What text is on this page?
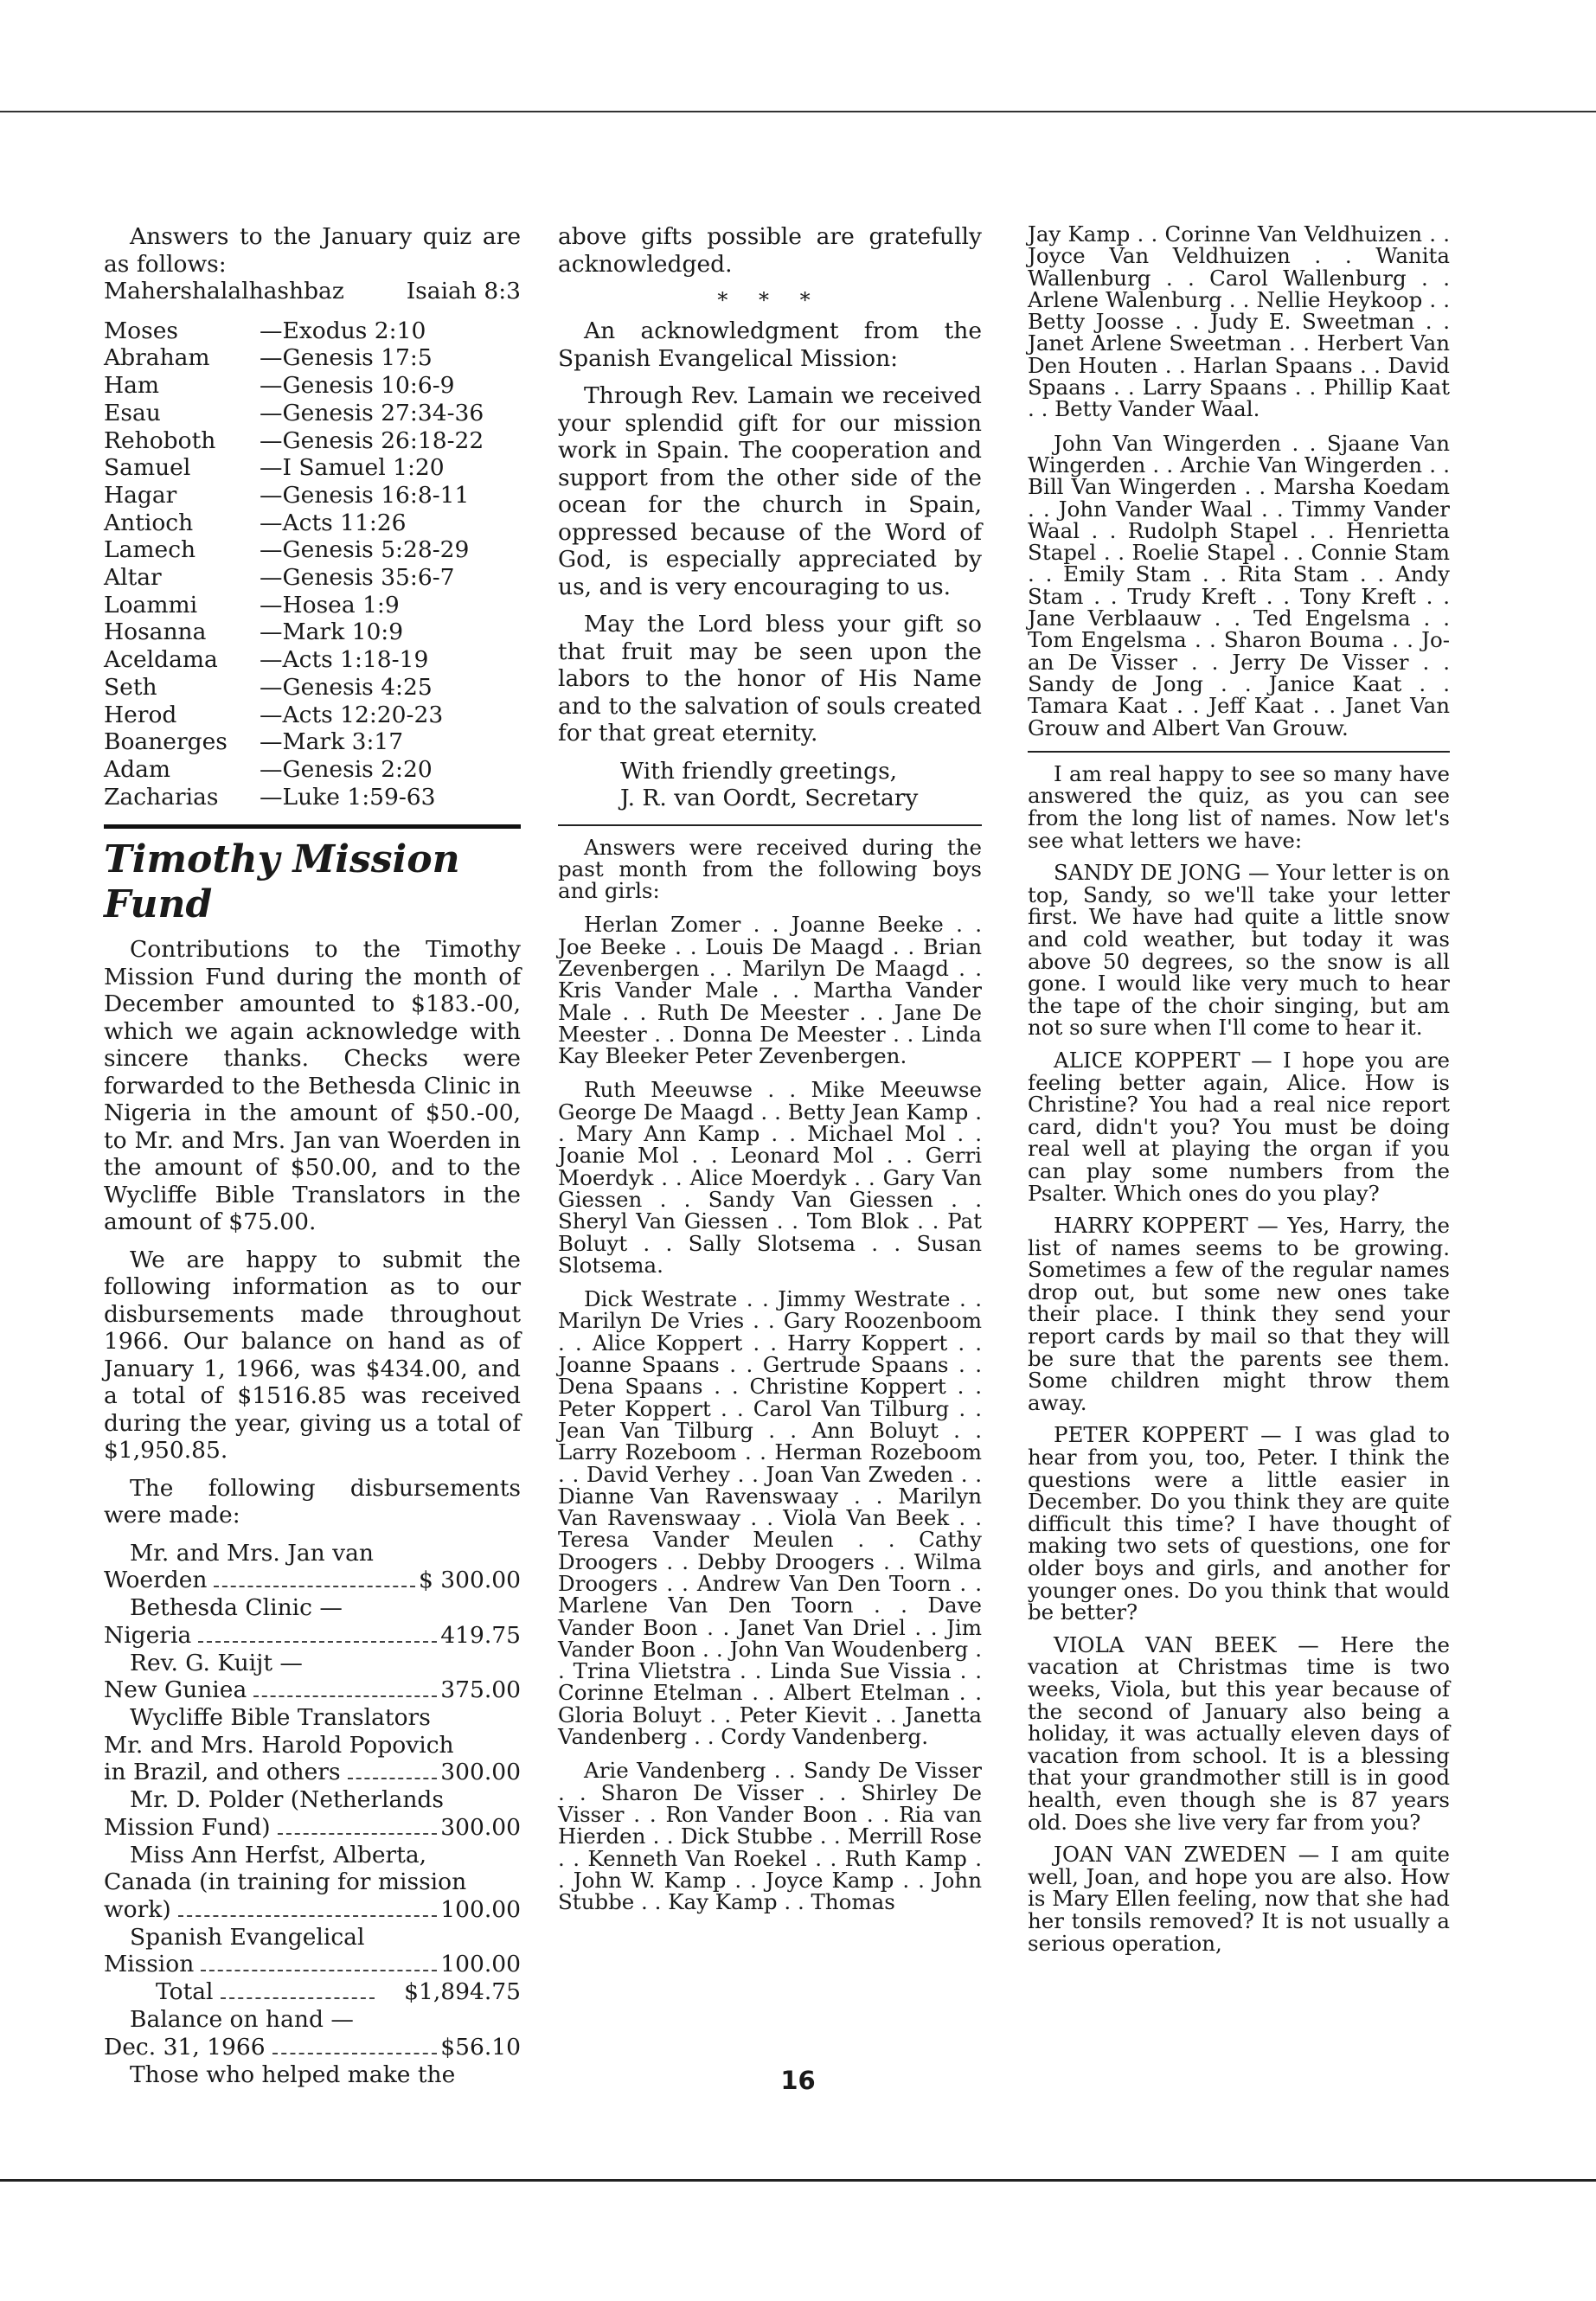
Answers to the January quiz are as follows:

Mahershalalhashbaz	Isaiah 8:3
Moses	—Exodus 2:10
Abraham	—Genesis 17:5
Ham	—Genesis 10:6-9
Esau	—Genesis 27:34-36
Rehoboth	—Genesis 26:18-22
Samuel	—I Samuel 1:20
Hagar	—Genesis 16:8-11
Antioch	—Acts 11:26
Lamech	—Genesis 5:28-29
Altar	—Genesis 35:6-7
Loammi	—Hosea 1:9
Hosanna	—Mark 10:9
Aceldama	—Acts 1:18-19
Seth	—Genesis 4:25
Herod	—Acts 12:20-23
Boanerges	—Mark 3:17
Adam	—Genesis 2:20
Zacharias	—Luke 1:59-63
Timothy Mission Fund

Contributions to the Timothy Mission Fund during the month of December amounted to $183.-00, which we again acknowledge with sincere thanks. Checks were forwarded to the Bethesda Clinic in Nigeria in the amount of $50.-00, to Mr. and Mrs. Jan van Woerden in the amount of $50.00, and to the Wycliffe Bible Translators in the amount of $75.00.

We are happy to submit the following information as to our disbursements made throughout 1966. Our balance on hand as of January 1, 1966, was $434.00, and a total of $1516.85 was received during the year, giving us a total of $1,950.85.

The following disbursements were made:

Mr. and Mrs. Jan van
Woerden	$ 300.00
Bethesda Clinic —
Nigeria	419.75
Rev. G. Kuijt —
New Guniea	375.00
Wycliffe Bible Translators
Mr. and Mrs. Harold Popovich
in Brazil, and others	300.00
Mr. D. Polder (Netherlands
Mission Fund)	300.00
Miss Ann Herfst, Alberta,
Canada (in training for mission
work)	100.00
Spanish Evangelical
Mission	100.00
Total	$1,894.75
Balance on hand —
Dec. 31, 1966	$56.10
Those who helped make the

above gifts possible are gratefully acknowledged.

* * *

An acknowledgment from the Spanish Evangelical Mission:

Through Rev. Lamain we received your splendid gift for our mission work in Spain. The cooperation and support from the other side of the ocean for the church in Spain, oppressed because of the Word of God, is especially appreciated by us, and is very encouraging to us.

May the Lord bless your gift so that fruit may be seen upon the labors to the honor of His Name and to the salvation of souls created for that great eternity.

With friendly greetings,
J. R. van Oordt, Secretary

Answers were received during the past month from the following boys and girls:

Herlan Zomer . . Joanne Beeke . . Joe Beeke . . Louis De Maagd . . Brian Zevenbergen . . Marilyn De Maagd . . Kris Vander Male . . Martha Vander Male . . Ruth De Meester . . Jane De Meester . . Donna De Meester . . Linda Kay Bleeker Peter Zevenbergen.

Ruth Meeuwse . . Mike Meeuwse George De Maagd . . Betty Jean Kamp . . Mary Ann Kamp . . Michael Mol . . Joanie Mol . . Leonard Mol . . Gerri Moerdyk . . Alice Moerdyk . . Gary Van Giessen . . Sandy Van Giessen . . Sheryl Van Giessen . . Tom Blok . . Pat Boluyt . . Sally Slotsema . . Susan Slotsema.

Dick Westrate . . Jimmy Westrate . . Marilyn De Vries . . Gary Roozenboom . . Alice Koppert . . Harry Koppert . . Joanne Spaans . . Gertrude Spaans . . Dena Spaans . . Christine Koppert . . Peter Koppert . . Carol Van Tilburg . . Jean Van Tilburg . . Ann Boluyt . . Larry Rozeboom . . Herman Rozeboom . . David Verhey . . Joan Van Zweden . . Dianne Van Ravenswaay . . Marilyn Van Ravenswaay . . Viola Van Beek . . Teresa Vander Meulen . . Cathy Droogers . . Debby Droogers . . Wilma Droogers . . Andrew Van Den Toorn . . Marlene Van Den Toorn . . Dave Vander Boon . . Janet Van Driel . . Jim Vander Boon . . John Van Woudenberg . . Trina Vlietstra . . Linda Sue Vissia . . Corinne Etelman . . Albert Etelman . . Gloria Boluyt . . Peter Kievit . . Janetta Vandenberg . . Cordy Vandenberg.

Arie Vandenberg . . Sandy De Visser . . Sharon De Visser . . Shirley De Visser . . Ron Vander Boon . . Ria van Hierden . . Dick Stubbe . . Merrill Rose . . Kenneth Van Roekel . . Ruth Kamp . . John W. Kamp . . Joyce Kamp . . John Stubbe . . Kay Kamp . . Thomas

Jay Kamp . . Corinne Van Veldhuizen . . Joyce Van Veldhuizen . . Wanita Wallenburg . . Carol Wallenburg . . Arlene Walenburg . . Nellie Heykoop . . Betty Joosse . . Judy E. Sweetman . . Janet Arlene Sweetman . . Herbert Van Den Houten . . Harlan Spaans . . David Spaans . . Larry Spaans . . Phillip Kaat . . Betty Vander Waal.

John Van Wingerden . . Sjaane Van Wingerden . . Archie Van Wingerden . . Bill Van Wingerden . . Marsha Koedam . . John Vander Waal . . Timmy Vander Waal . . Rudolph Stapel . . Henrietta Stapel . . Roelie Stapel . . Connie Stam . . Emily Stam . . Rita Stam . . Andy Stam . . Trudy Kreft . . Tony Kreft . . Jane Verblaauw . . Ted Engelsma . . Tom Engelsma . . Sharon Bouma . . Jo-an De Visser . . Jerry De Visser . . Sandy de Jong . . Janice Kaat . . Tamara Kaat . . Jeff Kaat . . Janet Van Grouw and Albert Van Grouw.

I am real happy to see so many have answered the quiz, as you can see from the long list of names. Now let's see what letters we have:

SANDY DE JONG — Your letter is on top, Sandy, so we'll take your letter first. We have had quite a little snow and cold weather, but today it was above 50 degrees, so the snow is all gone. I would like very much to hear the tape of the choir singing, but am not so sure when I'll come to hear it.

ALICE KOPPERT — I hope you are feeling better again, Alice. How is Christine? You had a real nice report card, didn't you? You must be doing real well at playing the organ if you can play some numbers from the Psalter. Which ones do you play?

HARRY KOPPERT — Yes, Harry, the list of names seems to be growing. Sometimes a few of the regular names drop out, but some new ones take their place. I think they send your report cards by mail so that they will be sure that the parents see them. Some children might throw them away.

PETER KOPPERT — I was glad to hear from you, too, Peter. I think the questions were a little easier in December. Do you think they are quite difficult this time? I have thought of making two sets of questions, one for older boys and girls, and another for younger ones. Do you think that would be better?

VIOLA VAN BEEK — Here the vacation at Christmas time is two weeks, Viola, but this year because of the second of January also being a holiday, it was actually eleven days of vacation from school. It is a blessing that your grandmother still is in good health, even though she is 87 years old. Does she live very far from you?

JOAN VAN ZWEDEN — I am quite well, Joan, and hope you are also. How is Mary Ellen feeling, now that she had her tonsils removed? It is not usually a serious operation,

16
